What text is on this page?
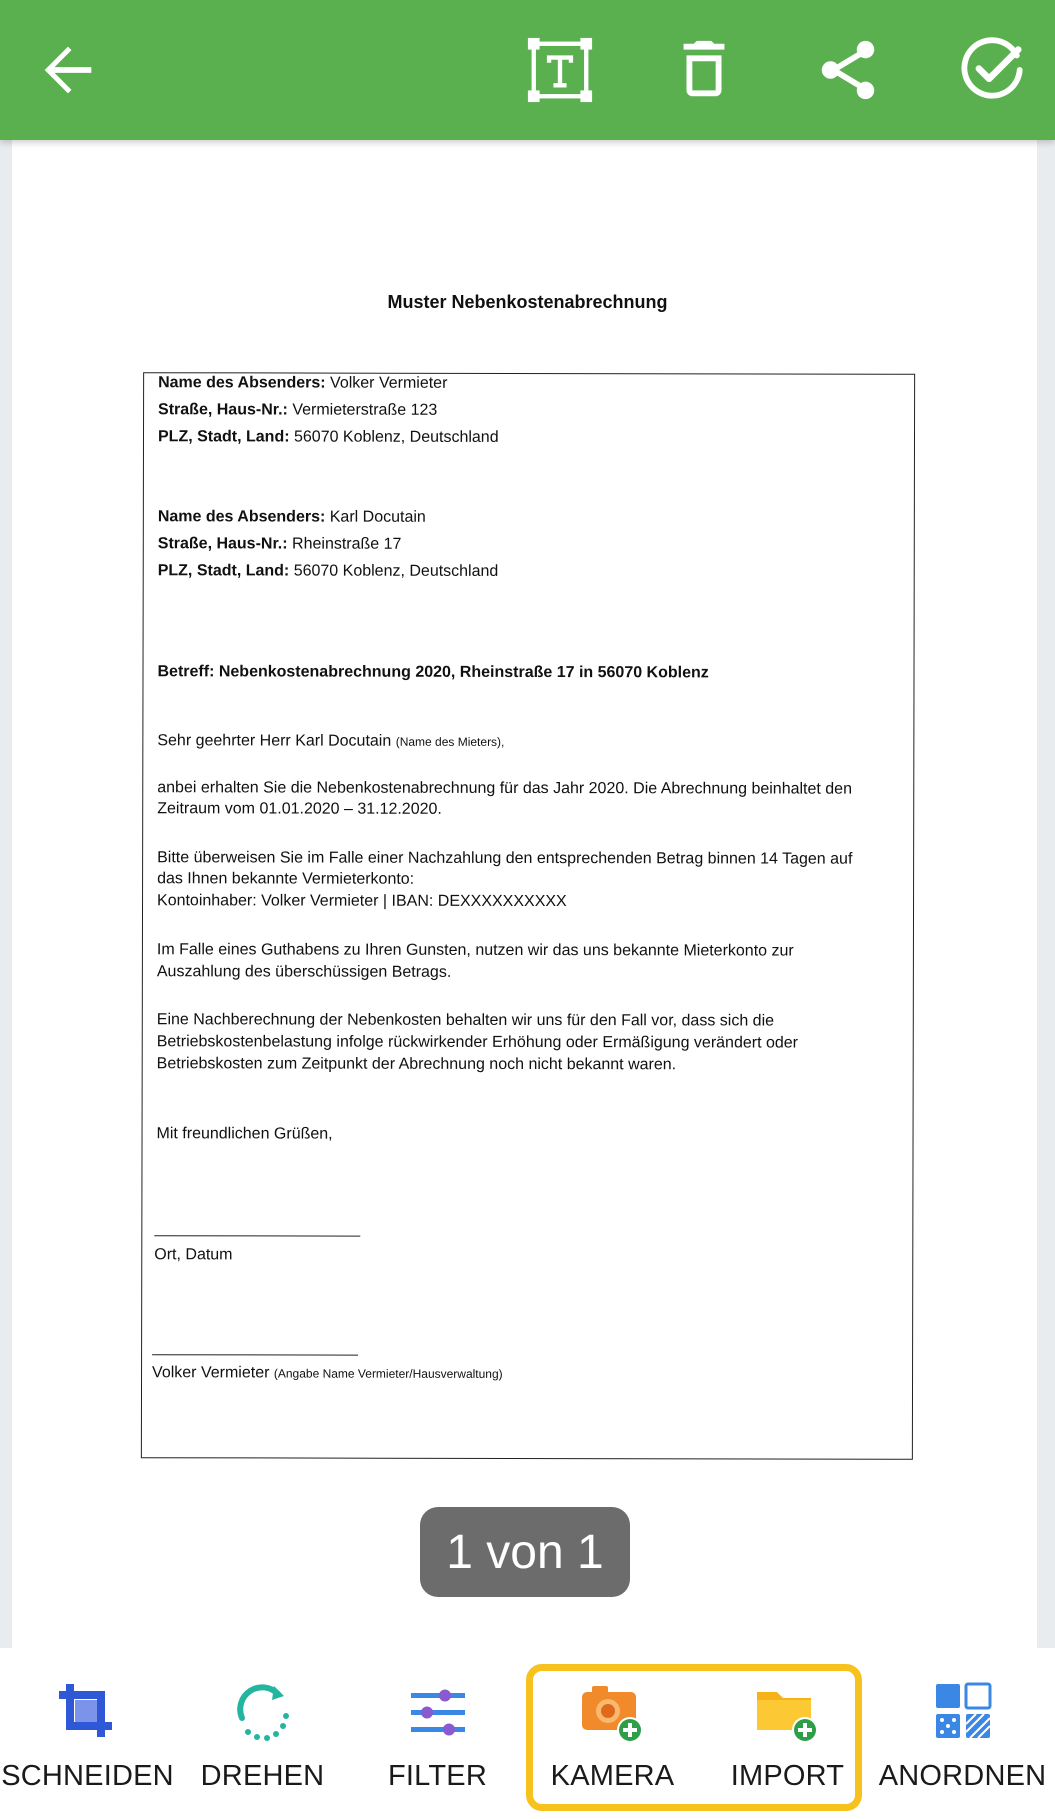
Muster Nebenkostenabrechnung
Name des Absenders: Volker Vermieter
Straße, Haus-Nr.: Vermieterstraße 123
PLZ, Stadt, Land: 56070 Koblenz, Deutschland
Name des Absenders: Karl Docutain
Straße, Haus-Nr.: Rheinstraße 17
PLZ, Stadt, Land: 56070 Koblenz, Deutschland
Betreff: Nebenkostenabrechnung 2020, Rheinstraße 17 in 56070 Koblenz
Sehr geehrter Herr Karl Docutain (Name des Mieters),
anbei erhalten Sie die Nebenkostenabrechnung für das Jahr 2020. Die Abrechnung beinhaltet den
Zeitraum vom 01.01.2020 – 31.12.2020.
Bitte überweisen Sie im Falle einer Nachzahlung den entsprechenden Betrag binnen 14 Tagen auf
das Ihnen bekannte Vermieterkonto:
Kontoinhaber: Volker Vermieter | IBAN: DEXXXXXXXXXX
Im Falle eines Guthabens zu Ihren Gunsten, nutzen wir das uns bekannte Mieterkonto zur
Auszahlung des überschüssigen Betrags.
Eine Nachberechnung der Nebenkosten behalten wir uns für den Fall vor, dass sich die
Betriebskostenbelastung infolge rückwirkender Erhöhung oder Ermäßigung verändert oder
Betriebskosten zum Zeitpunkt der Abrechnung noch nicht bekannt waren.
Mit freundlichen Grüßen,
Ort, Datum
Volker Vermieter (Angabe Name Vermieter/Hausverwaltung)
1 von 1
SCHNEIDEN DREHEN FILTER KAMERA IMPORT ANORDNEN
